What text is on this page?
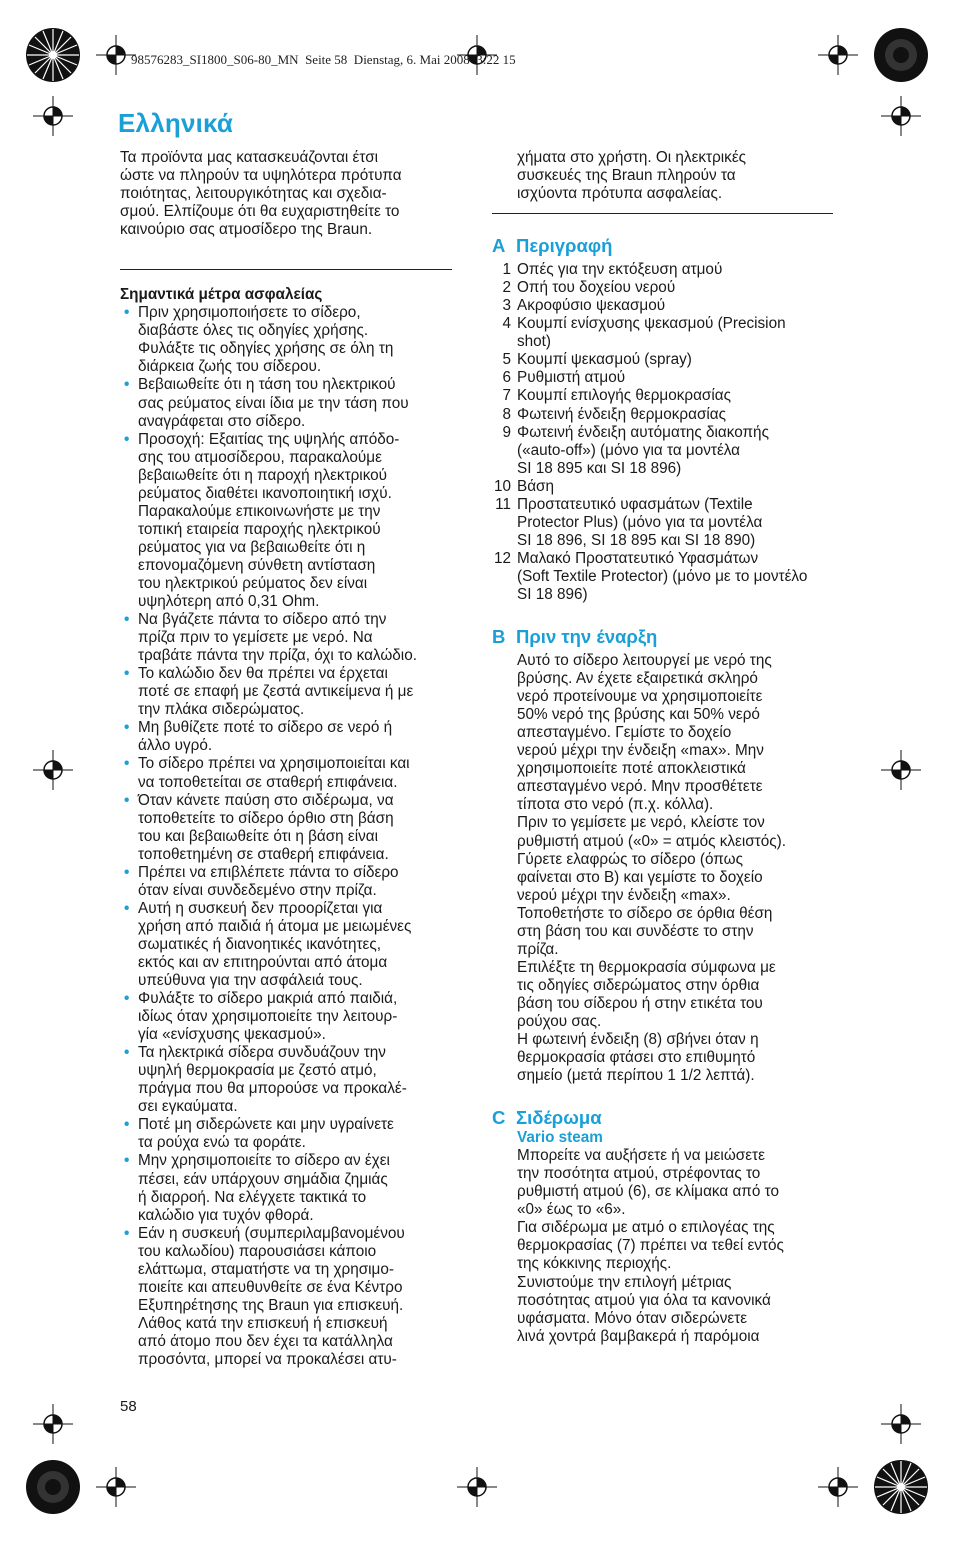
98576283_SI1800_S06-80_MN  Seite 58  Dienstag, 6. Mai 2008  3:22 15
Ελληνικά

Τα προϊόντα μας κατασκευάζονται έτσι
ώστε να πληρούν τα υψηλότερα πρότυπα
ποιότητας, λειτουργικότητας και σχεδια-
σμού. Ελπίζουμε ότι θα ευχαριστηθείτε το
καινούριο σας ατμοσίδερο της Braun.

Σημαντικά μέτρα ασφαλείας

• Πριν χρησιμοποιήσετε το σίδερο,
διαβάστε όλες τις οδηγίες χρήσης.
Φυλάξτε τις οδηγίες χρήσης σε όλη τη
διάρκεια ζωής του σίδερου.
• Βεβαιωθείτε ότι η τάση του ηλεκτρικού
σας ρεύματος είναι ίδια με την τάση που
αναγράφεται στο σίδερο.
• Προσοχή: Εξαιτίας της υψηλής απόδο-
σης του ατμοσίδερου, παρακαλούμε
βεβαιωθείτε ότι η παροχή ηλεκτρικού
ρεύματος διαθέτει ικανοποιητική ισχύ.
Παρακαλούμε επικοινωνήστε με την
τοπική εταιρεία παροχής ηλεκτρικού
ρεύματος για να βεβαιωθείτε ότι η
επονομαζόμενη σύνθετη αντίσταση
του ηλεκτρικού ρεύματος δεν είναι
υψηλότερη από 0,31 Ohm.
• Να βγάζετε πάντα το σίδερο από την
πρίζα πριν το γεμίσετε με νερό. Να
τραβάτε πάντα την πρίζα, όχι το καλώδιο.
• Το καλώδιο δεν θα πρέπει να έρχεται
ποτέ σε επαφή με ζεστά αντικείμενα ή με
την πλάκα σιδερώματος.
• Μη βυθίζετε ποτέ το σίδερο σε νερό ή
άλλο υγρό.
• Το σίδερο πρέπει να χρησιμοποιείται και
να τοποθετείται σε σταθερή επιφάνεια.
• Όταν κάνετε παύση στο σιδέρωμα, να
τοποθετείτε το σίδερο όρθιο στη βάση
του και βεβαιωθείτε ότι η βάση είναι
τοποθετημένη σε σταθερή επιφάνεια.
• Πρέπει να επιβλέπετε πάντα το σίδερο
όταν είναι συνδεδεμένο στην πρίζα.
• Αυτή η συσκευή δεν προορίζεται για
χρήση από παιδιά ή άτομα με μειωμένες
σωματικές ή διανοητικές ικανότητες,
εκτός και αν επιτηρούνται από άτομα
υπεύθυνα για την ασφάλειά τους.
• Φυλάξτε το σίδερο μακριά από παιδιά,
ιδίως όταν χρησιμοποιείτε την λειτουρ-
γία «ενίσχυσης ψεκασμού».
• Τα ηλεκτρικά σίδερα συνδυάζουν την
υψηλή θερμοκρασία με ζεστό ατμό,
πράγμα που θα μπορούσε να προκαλέ-
σει εγκαύματα.
• Ποτέ μη σιδερώνετε και μην υγραίνετε
τα ρούχα ενώ τα φοράτε.
• Μην χρησιμοποιείτε το σίδερο αν έχει
πέσει, εάν υπάρχουν σημάδια ζημιάς
ή διαρροή. Να ελέγχετε τακτικά το
καλώδιο για τυχόν φθορά.
• Εάν η συσκευή (συμπεριλαμβανομένου
του καλωδίου) παρουσιάσει κάποιο
ελάττωμα, σταματήστε να τη χρησιμο-
ποιείτε και απευθυνθείτε σε ένα Κέντρο
Εξυπηρέτησης της Braun για επισκευή.
Λάθος κατά την επισκευή ή επισκευή
από άτομο που δεν έχει τα κατάλληλα
προσόντα, μπορεί να προκαλέσει ατυ-

χήματα στο χρήστη. Οι ηλεκτρικές
συσκευές της Braun πληρούν τα
ισχύοντα πρότυπα ασφαλείας.

A Περιγραφή
1 Οπές για την εκτόξευση ατμού
2 Οπή του δοχείου νερού
3 Ακροφύσιο ψεκασμού
4 Κουμπί ενίσχυσης ψεκασμού (Precision
shot)
5 Κουμπί ψεκασμού (spray)
6 Ρυθμιστή ατμού
7 Κουμπί επιλογής θερμοκρασίας
8 Φωτεινή ένδειξη θερμοκρασίας
9 Φωτεινή ένδειξη αυτόματης διακοπής
(«auto-off») (μόνο για τα μοντέλα
SI 18 895 και SI 18 896)
10 Βάση
11 Προστατευτικό υφασμάτων (Textile
Protector Plus) (μόνο για τα μοντέλα
SI 18 896, SI 18 895 και SI 18 890)
12 Μαλακό Προστατευτικό Υφασμάτων
(Soft Textile Protector) (μόνο με το μοντέλο
SI 18 896)
B Πριν την έναρξη

Αυτό το σίδερο λειτουργεί με νερό της
βρύσης. Αν έχετε εξαιρετικά σκληρό
νερό προτείνουμε να χρησιμοποιείτε
50% νερό της βρύσης και 50% νερό
απεσταγμένο. Γεμίστε το δοχείο
νερού μέχρι την ένδειξη «max». Μην
χρησιμοποιείτε ποτέ αποκλειστικά
απεσταγμένο νερό. Μην προσθέτετε
τίποτα στο νερό (π.χ. κόλλα).
Πριν το γεμίσετε με νερό, κλείστε τον
ρυθμιστή ατμού («0» = ατμός κλειστός).
Γύρετε ελαφρώς το σίδερο (όπως
φαίνεται στο Β) και γεμίστε το δοχείο
νερού μέχρι την ένδειξη «max».
Τοποθετήστε το σίδερο σε όρθια θέση
στη βάση του και συνδέστε το στην
πρίζα.
Επιλέξτε τη θερμοκρασία σύμφωνα με
τις οδηγίες σιδερώματος στην όρθια
βάση του σίδερου ή στην ετικέτα του
ρούχου σας.
Η φωτεινή ένδειξη (8) σβήνει όταν η
θερμοκρασία φτάσει στο επιθυμητό
σημείο (μετά περίπου 1 1/2 λεπτά).

C Σιδέρωμα

Vario steam

Μπορείτε να αυξήσετε ή να μειώσετε
την ποσότητα ατμού, στρέφοντας το
ρυθμιστή ατμού (6), σε κλίμακα από το
«0» έως το «6».
Για σιδέρωμα με ατμό ο επιλογέας της
θερμοκρασίας (7) πρέπει να τεθεί εντός
της κόκκινης περιοχής.
Συνιστούμε την επιλογή μέτριας
ποσότητας ατμού για όλα τα κανονικά
υφάσματα. Μόνο όταν σιδερώνετε
λινά χοντρά βαμβακερά ή παρόμοια

58
